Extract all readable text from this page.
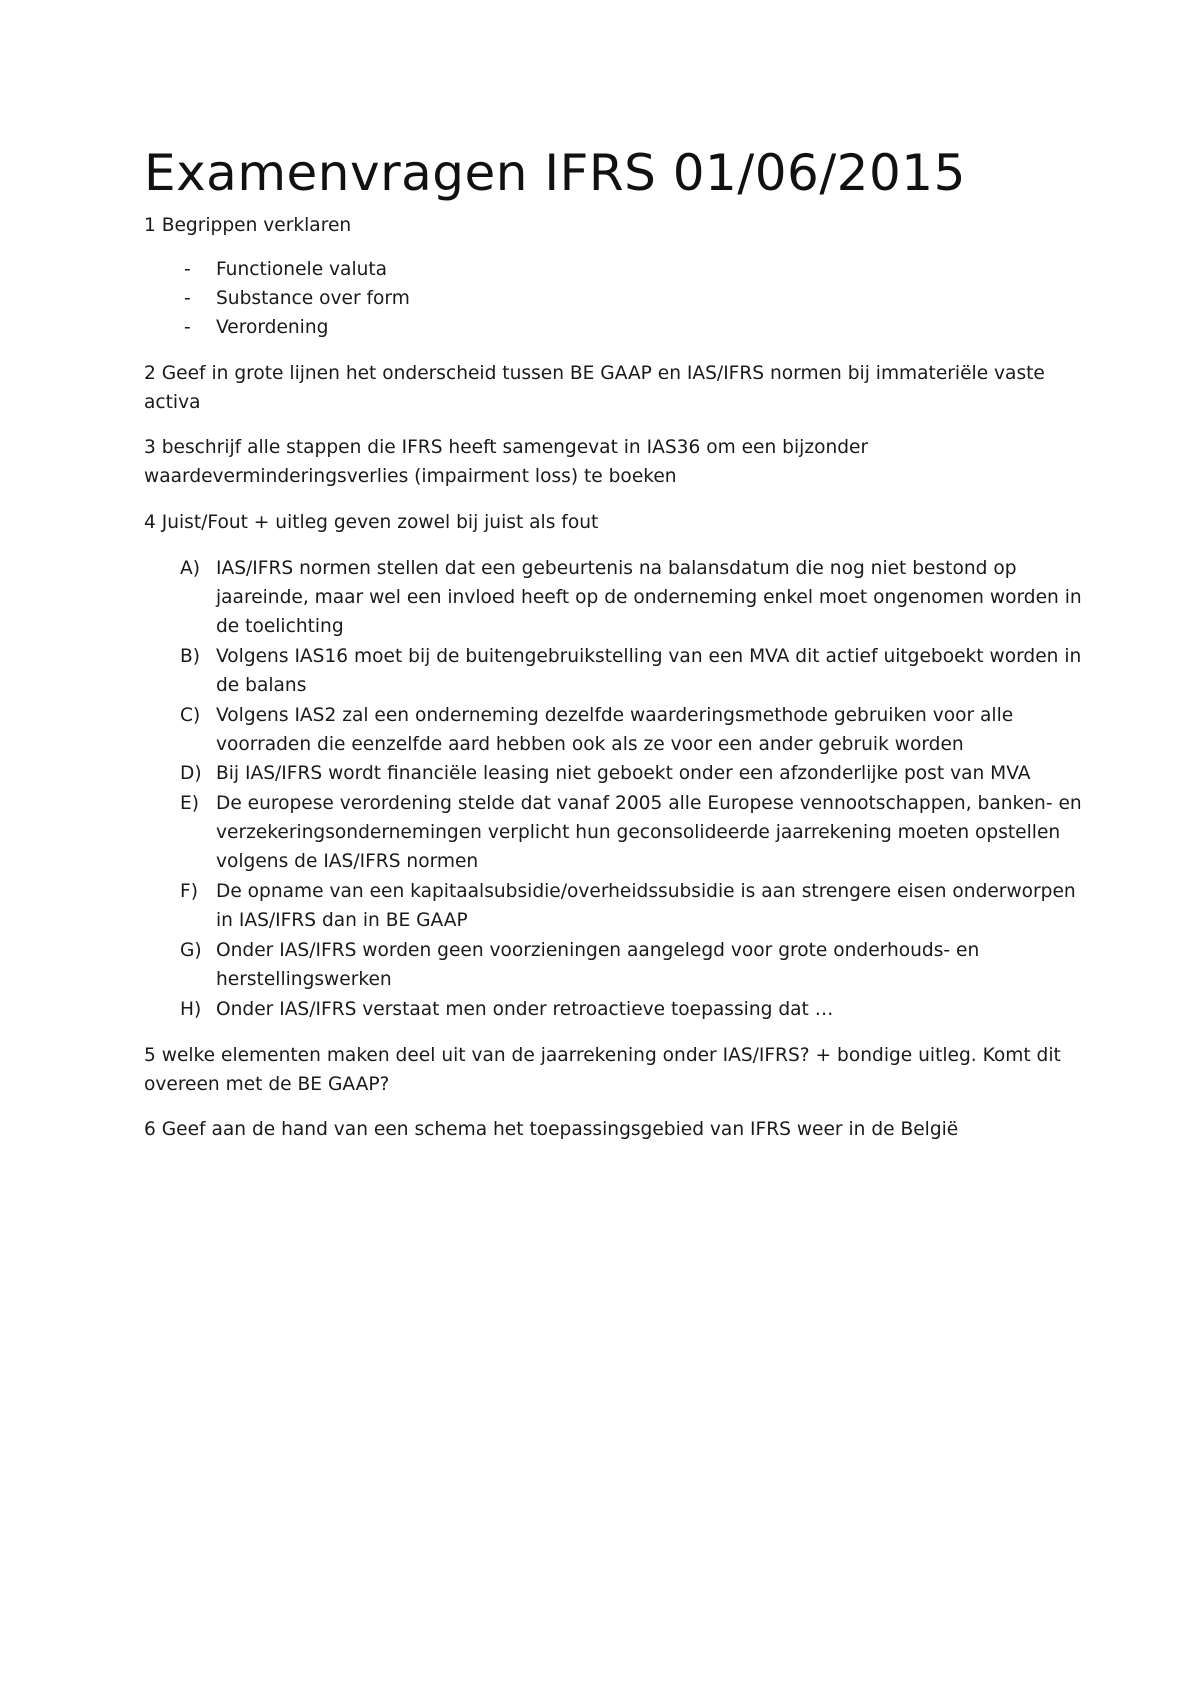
Examenvragen IFRS 01/06/2015
1 Begrippen verklaren
- Functionele valuta
- Substance over form
- Verordening
2 Geef in grote lijnen het onderscheid tussen BE GAAP en IAS/IFRS normen bij immateriële vaste
activa
3 beschrijf alle stappen die IFRS heeft samengevat in IAS36 om een bijzonder
waardeverminderingsverlies (impairment loss) te boeken
4 Juist/Fout + uitleg geven zowel bij juist als fout
A) IAS/IFRS normen stellen dat een gebeurtenis na balansdatum die nog niet bestond op
jaareinde, maar wel een invloed heeft op de onderneming enkel moet ongenomen worden in
de toelichting
B) Volgens IAS16 moet bij de buitengebruikstelling van een MVA dit actief uitgeboekt worden in
de balans
C) Volgens IAS2 zal een onderneming dezelfde waarderingsmethode gebruiken voor alle
voorraden die eenzelfde aard hebben ook als ze voor een ander gebruik worden
D) Bij IAS/IFRS wordt financiële leasing niet geboekt onder een afzonderlijke post van MVA
E) De europese verordening stelde dat vanaf 2005 alle Europese vennootschappen, banken- en
verzekeringsondernemingen verplicht hun geconsolideerde jaarrekening moeten opstellen
volgens de IAS/IFRS normen
F) De opname van een kapitaalsubsidie/overheidssubsidie is aan strengere eisen onderworpen
in IAS/IFRS dan in BE GAAP
G) Onder IAS/IFRS worden geen voorzieningen aangelegd voor grote onderhouds- en
herstellingswerken
H) Onder IAS/IFRS verstaat men onder retroactieve toepassing dat …
5 welke elementen maken deel uit van de jaarrekening onder IAS/IFRS? + bondige uitleg. Komt dit
overeen met de BE GAAP?
6 Geef aan de hand van een schema het toepassingsgebied van IFRS weer in de België
